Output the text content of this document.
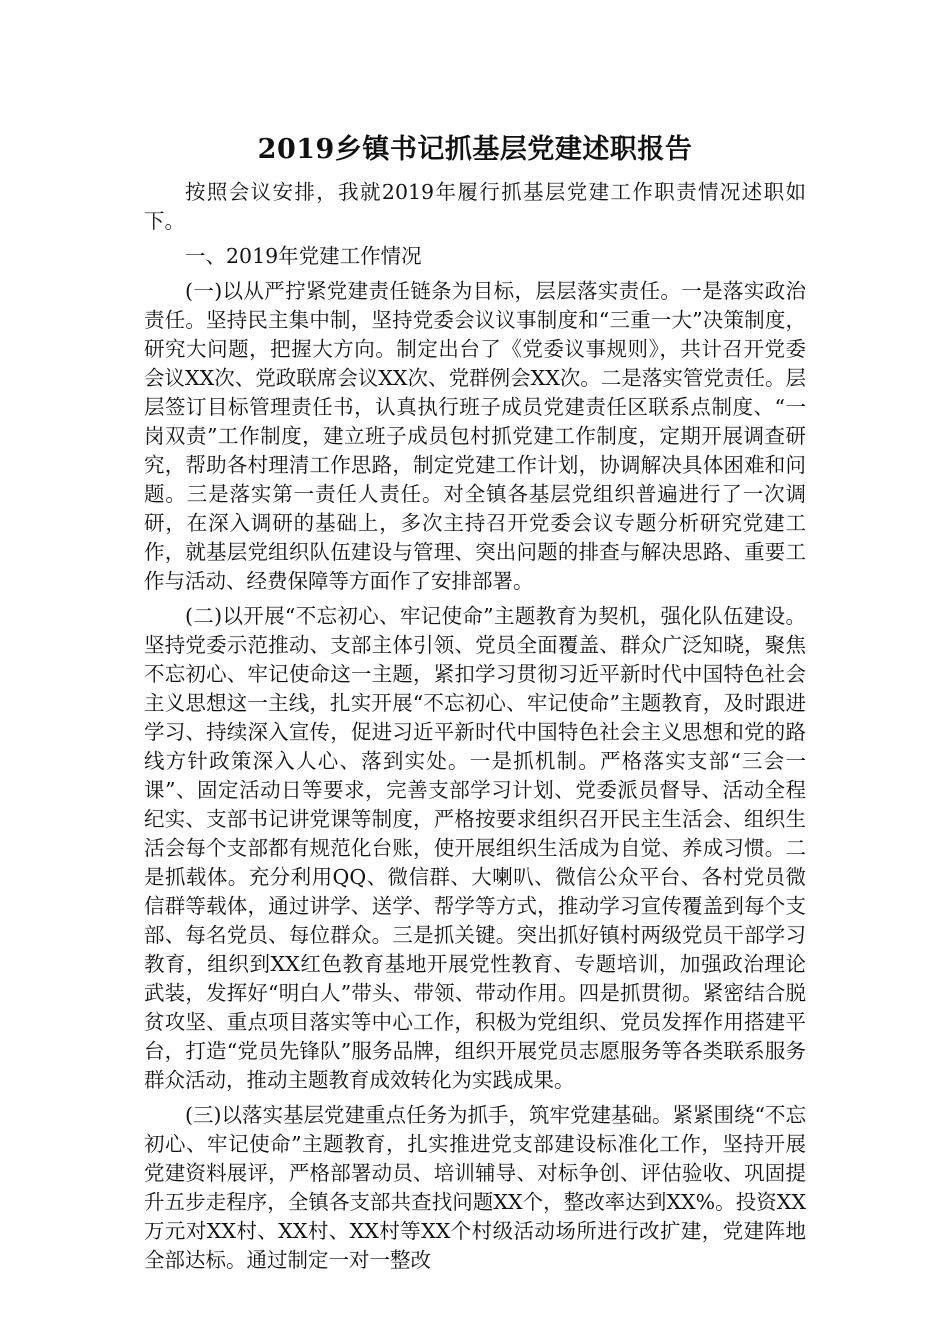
2019乡镇书记抓基层党建述职报告

按照会议安排，我就2019年履行抓基层党建工作职责情况述职如下。

一、2019年党建工作情况

(一)以从严拧紧党建责任链条为目标，层层落实责任。一是落实政治责任。坚持民主集中制，坚持党委会议议事制度和“三重一大”决策制度，研究大问题，把握大方向。制定出台了《党委议事规则》，共计召开党委会议XX次、党政联席会议XX次、党群例会XX次。二是落实管党责任。层层签订目标管理责任书，认真执行班子成员党建责任区联系点制度、“一岗双责”工作制度，建立班子成员包村抓党建工作制度，定期开展调查研究，帮助各村理清工作思路，制定党建工作计划，协调解决具体困难和问题。三是落实第一责任人责任。对全镇各基层党组织普遍进行了一次调研，在深入调研的基础上，多次主持召开党委会议专题分析研究党建工作，就基层党组织队伍建设与管理、突出问题的排查与解决思路、重要工作与活动、经费保障等方面作了安排部署。

(二)以开展“不忘初心、牢记使命”主题教育为契机，强化队伍建设。坚持党委示范推动、支部主体引领、党员全面覆盖、群众广泛知晓，聚焦不忘初心、牢记使命这一主题，紧扣学习贯彻习近平新时代中国特色社会主义思想这一主线，扎实开展“不忘初心、牢记使命”主题教育，及时跟进学习、持续深入宣传，促进习近平新时代中国特色社会主义思想和党的路线方针政策深入人心、落到实处。一是抓机制。严格落实支部“三会一课”、固定活动日等要求，完善支部学习计划、党委派员督导、活动全程纪实、支部书记讲党课等制度，严格按要求组织召开民主生活会、组织生活会每个支部都有规范化台账，使开展组织生活成为自觉、养成习惯。二是抓载体。充分利用QQ、微信群、大喇叭、微信公众平台、各村党员微信群等载体，通过讲学、送学、帮学等方式，推动学习宣传覆盖到每个支部、每名党员、每位群众。三是抓关键。突出抓好镇村两级党员干部学习教育，组织到XX红色教育基地开展党性教育、专题培训，加强政治理论武装，发挥好“明白人”带头、带领、带动作用。四是抓贯彻。紧密结合脱贫攻坚、重点项目落实等中心工作，积极为党组织、党员发挥作用搭建平台，打造“党员先锋队”服务品牌，组织开展党员志愿服务等各类联系服务群众活动，推动主题教育成效转化为实践成果。

(三)以落实基层党建重点任务为抓手，筑牢党建基础。紧紧围绕“不忘初心、牢记使命”主题教育，扎实推进党支部建设标准化工作，坚持开展党建资料展评，严格部署动员、培训辅导、对标争创、评估验收、巩固提升五步走程序，全镇各支部共查找问题XX个，整改率达到XX%。投资XX万元对XX村、XX村、XX村等XX个村级活动场所进行改扩建，党建阵地全部达标。通过制定一对一整改
